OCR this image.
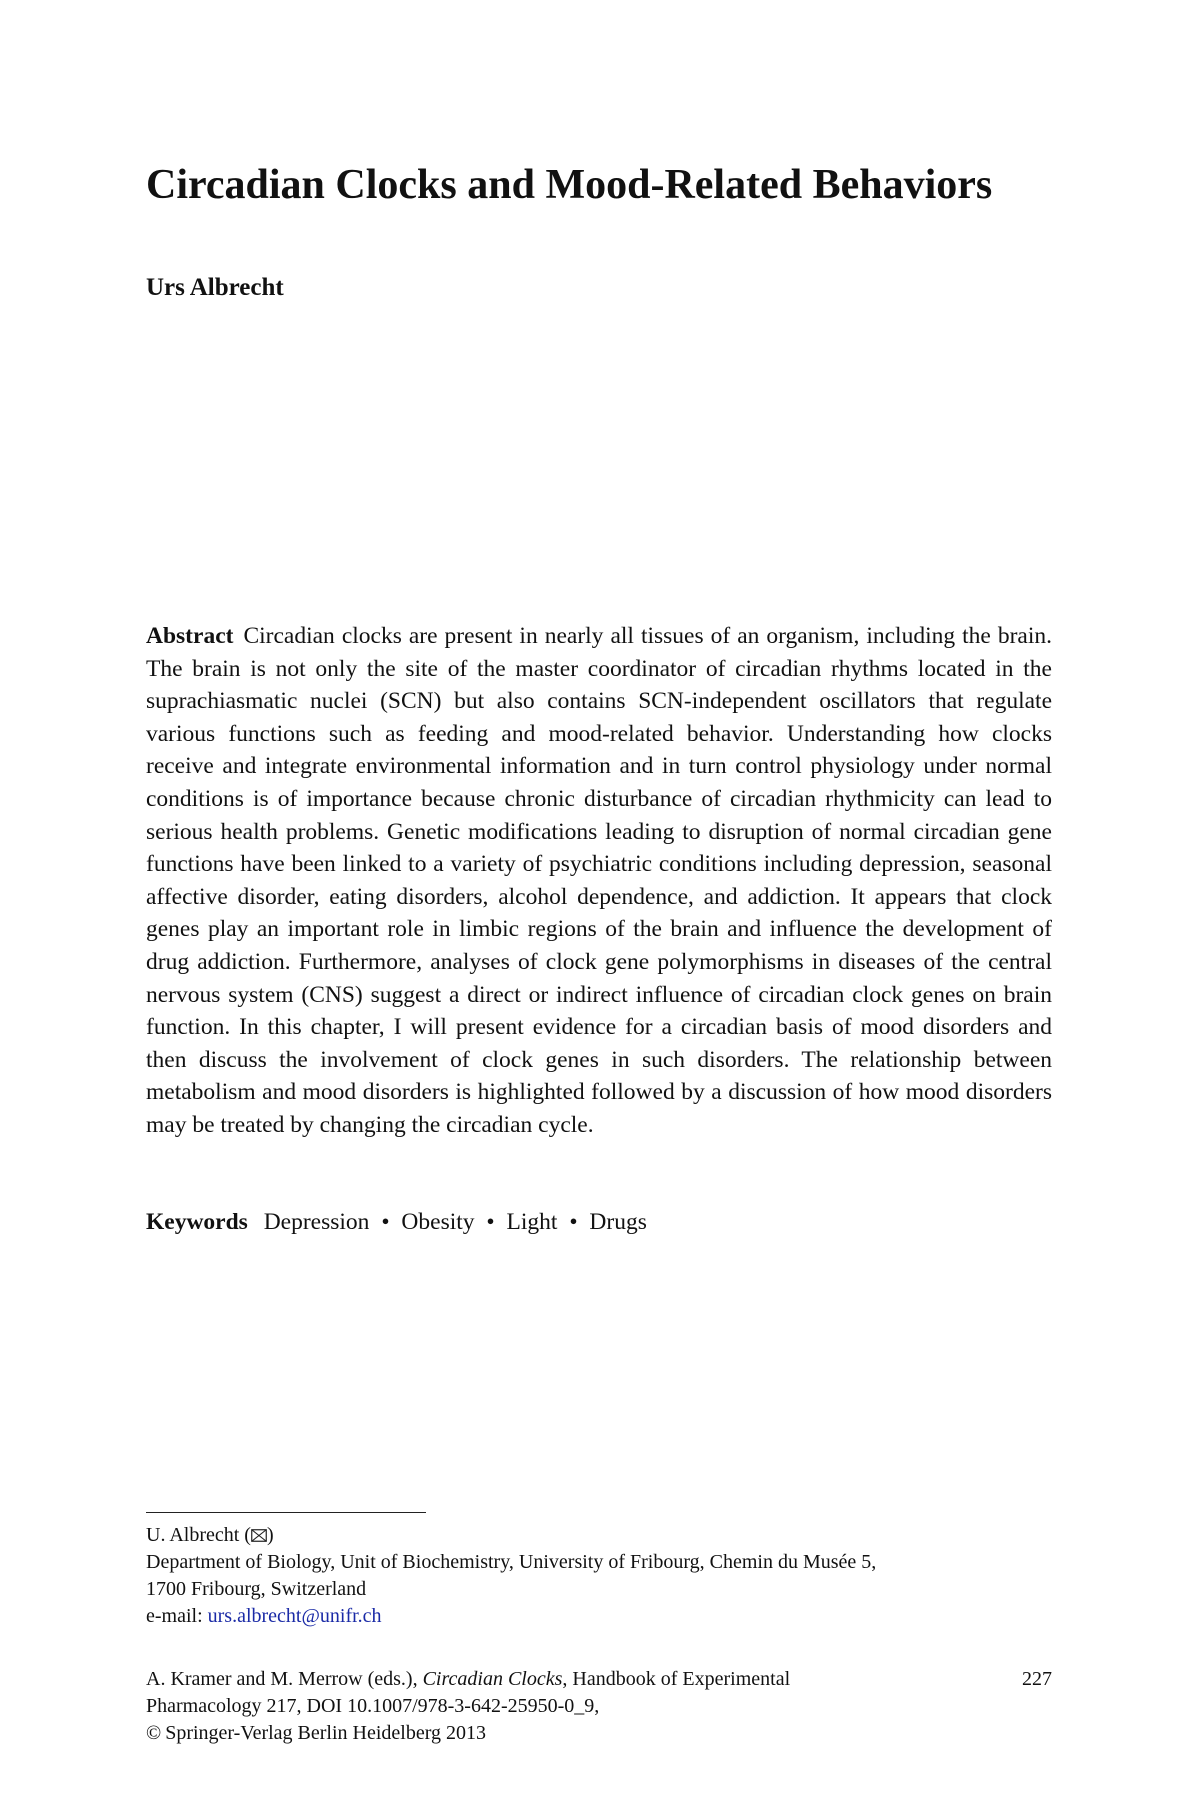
Circadian Clocks and Mood-Related Behaviors
Urs Albrecht

Abstract Circadian clocks are present in nearly all tissues of an organism, including the brain. The brain is not only the site of the master coordinator of circadian rhythms located in the suprachiasmatic nuclei (SCN) but also contains SCN-independent oscillators that regulate various functions such as feeding and mood-related behavior. Understanding how clocks receive and integrate environmental information and in turn control physiology under normal conditions is of importance because chronic disturbance of circadian rhythmicity can lead to serious health problems. Genetic modifications leading to disruption of normal circadian gene functions have been linked to a variety of psychiatric conditions including depression, seasonal affective disorder, eating disorders, alcohol dependence, and addiction. It appears that clock genes play an important role in limbic regions of the brain and influence the development of drug addiction. Furthermore, analyses of clock gene polymorphisms in diseases of the central nervous system (CNS) suggest a direct or indirect influence of circadian clock genes on brain function. In this chapter, I will present evidence for a circadian basis of mood disorders and then discuss the involvement of clock genes in such disorders. The relationship between metabolism and mood disorders is highlighted followed by a discussion of how mood disorders may be treated by changing the circadian cycle.

Keywords Depression • Obesity • Light • Drugs
U. Albrecht ( )
Department of Biology, Unit of Biochemistry, University of Fribourg, Chemin du Musée 5,
1700 Fribourg, Switzerland
e-mail: urs.albrecht@unifr.ch
A. Kramer and M. Merrow (eds.), Circadian Clocks, Handbook of Experimental
Pharmacology 217, DOI 10.1007/978-3-642-25950-0_9,
© Springer-Verlag Berlin Heidelberg 2013
227
